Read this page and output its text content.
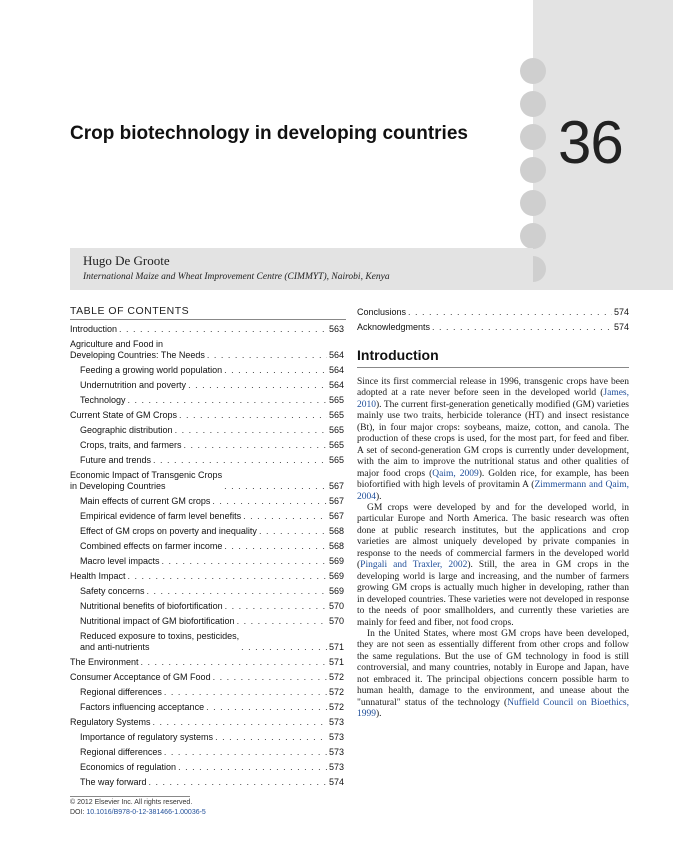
36
Crop biotechnology in developing countries
Hugo De Groote
International Maize and Wheat Improvement Centre (CIMMYT), Nairobi, Kenya
TABLE OF CONTENTS
Introduction . . .	563
Agriculture and Food in
Developing Countries: The Needs . . .	564
Feeding a growing world population . . .	564
Undernutrition and poverty . . .	564
Technology . . .	565
Current State of GM Crops . . .	565
Geographic distribution . . .	565
Crops, traits, and farmers . . .	565
Future and trends . . .	565
Economic Impact of Transgenic Crops
in Developing Countries . . .	567
Main effects of current GM crops . . .	567
Empirical evidence of farm level benefits . . .	567
Effect of GM crops on poverty and inequality . . .	568
Combined effects on farmer income . . .	568
Macro level impacts . . .	569
Health Impact . . .	569
Safety concerns . . .	569
Nutritional benefits of biofortification . . .	570
Nutritional impact of GM biofortification . . .	570
Reduced exposure to toxins, pesticides,
and anti-nutrients . . .	571
The Environment . . .	571
Consumer Acceptance of GM Food . . .	572
Regional differences . . .	572
Factors influencing acceptance . . .	572
Regulatory Systems . . .	573
Importance of regulatory systems . . .	573
Regional differences . . .	573
Economics of regulation . . .	573
The way forward . . .	574
Conclusions . . .	574
Acknowledgments . . .	574
Introduction

Since its first commercial release in 1996, transgenic crops have been adopted at a rate never before seen in the developed world (James, 2010). The current first-generation genetically modified (GM) varieties mainly use two traits, herbicide tolerance (HT) and insect resistance (Bt), in four major crops: soybeans, maize, cotton, and canola. The production of these crops is used, for the most part, for feed and fiber. A set of second-generation GM crops is currently under development, with the aim to improve the nutritional status and other qualities of major food crops (Qaim, 2009). Golden rice, for example, has been biofortified with high levels of provitamin A (Zimmermann and Qaim, 2004).

GM crops were developed by and for the developed world, in particular Europe and North America. The basic research was often done at public research institutes, but the applications and crop varieties are almost uniquely developed by private companies in response to the needs of commercial farmers in the developed world (Pingali and Traxler, 2002). Still, the area in GM crops in the developing world is large and increasing, and the number of farmers growing GM crops is actually much higher in developing, rather than in developed countries. These varieties were not developed in response to the needs of poor smallholders, and currently these varieties are mainly for feed and fiber, not food crops.

In the United States, where most GM crops have been developed, they are not seen as essentially different from other crops and follow the same regulations. But the use of GM technology in food is still controversial, and many countries, notably in Europe and Japan, have not embraced it. The principal objections concern possible harm to human health, damage to the environment, and unease about the "unnatural" status of the technology (Nuffield Council on Bioethics, 1999).

© 2012 Elsevier Inc. All rights reserved.
DOI: 10.1016/B978-0-12-381466-1.00036-5
